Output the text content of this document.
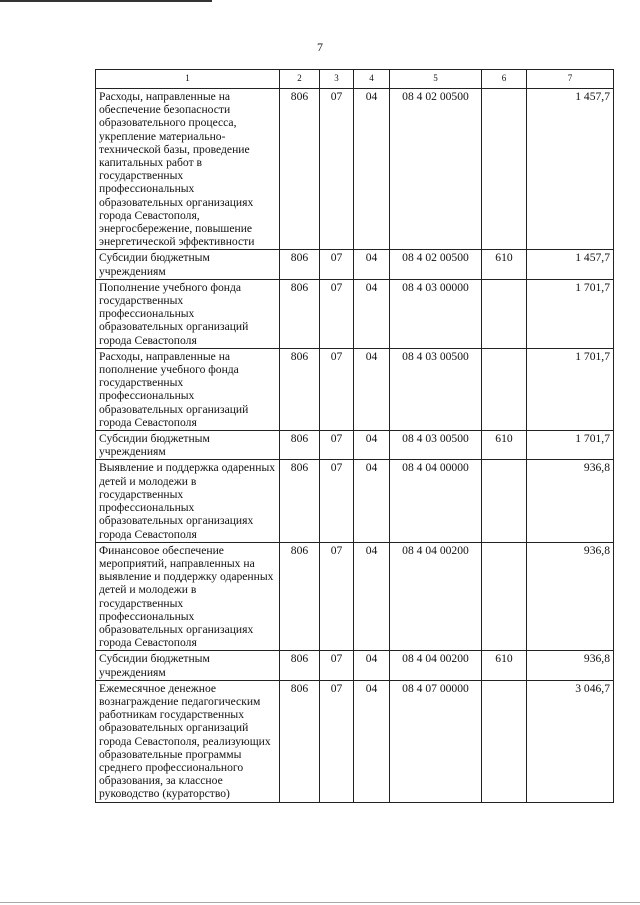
7
1	2	3	4	5	6	7
Расходы, направленные на обеспечение безопасности образовательного процесса, укрепление материально-технической базы, проведение капитальных работ в государственных профессиональных образовательных организациях города Севастополя, энергосбережение, повышение энергетической эффективности	806	07	04	08 4 02 00500		1 457,7
Субсидии бюджетным учреждениям	806	07	04	08 4 02 00500	610	1 457,7
Пополнение учебного фонда государственных профессиональных образовательных организаций города Севастополя	806	07	04	08 4 03 00000		1 701,7
Расходы, направленные на пополнение учебного фонда государственных профессиональных образовательных организаций города Севастополя	806	07	04	08 4 03 00500		1 701,7
Субсидии бюджетным учреждениям	806	07	04	08 4 03 00500	610	1 701,7
Выявление и поддержка одаренных детей и молодежи в государственных профессиональных образовательных организациях города Севастополя	806	07	04	08 4 04 00000		936,8
Финансовое обеспечение мероприятий, направленных на выявление и поддержку одаренных детей и молодежи в государственных профессиональных образовательных организациях города Севастополя	806	07	04	08 4 04 00200		936,8
Субсидии бюджетным учреждениям	806	07	04	08 4 04 00200	610	936,8
Ежемесячное денежное вознаграждение педагогическим работникам государственных образовательных организаций города Севастополя, реализующих образовательные программы среднего профессионального образования, за классное руководство (кураторство)	806	07	04	08 4 07 00000		3 046,7
